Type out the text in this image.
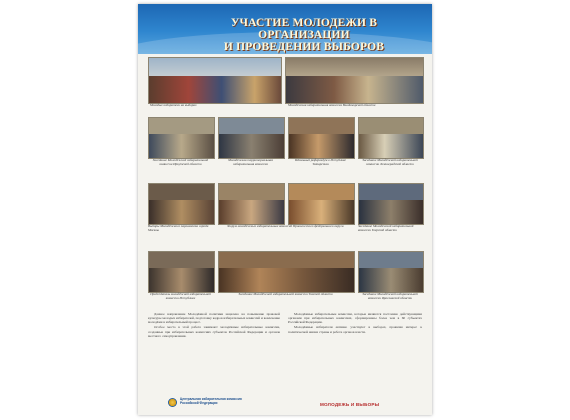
УЧАСТИЕ МОЛОДЕЖИ В ОРГАНИЗАЦИИ
И ПРОВЕДЕНИИ ВЫБОРОВ
Молодые избиратели на выборах	Молодёжная избирательная комиссия Владимирской области
Заседание Молодёжной избирательной комиссии Иркутской области
Молодёжная территориальная избирательная комиссия
Школьный референдум в Республике Татарстан
Заседание Молодёжной избирательной комиссии Ленинградской области
Выборы Молодёжного парламента города Москвы
Форум молодёжных избирательных комиссий Приволжского федерального округа	Заседание Молодёжной избирательной комиссии Тверской области
Председатель молодёжной избирательной комиссии Республики
Заседание Молодёжной избирательной комиссии Томской области	Заседание Молодёжной избирательной комиссии Ярославской области

Данное направление Молодёжной политики нацелено на повышение правовой культуры молодых избирателей, подготовку кадров избирательных комиссий и вовлечение молодёжи в избирательный процесс.

Особое место в этой работе занимают молодёжные избирательные комиссии, созданные при избирательных комиссиях субъектов Российской Федерации и органов местного самоуправления.

Молодёжные избирательные комиссии, которые являются постоянно действующими органами при избирательных комиссиях, сформированы более чем в 60 субъектах Российской Федерации.

Молодёжные избиратели активно участвуют в выборах, проявляя интерес к политической жизни страны и работе органов власти.

Центральная избирательная комиссия Российской Федерации	МОЛОДЕЖЬ И ВЫБОРЫ
